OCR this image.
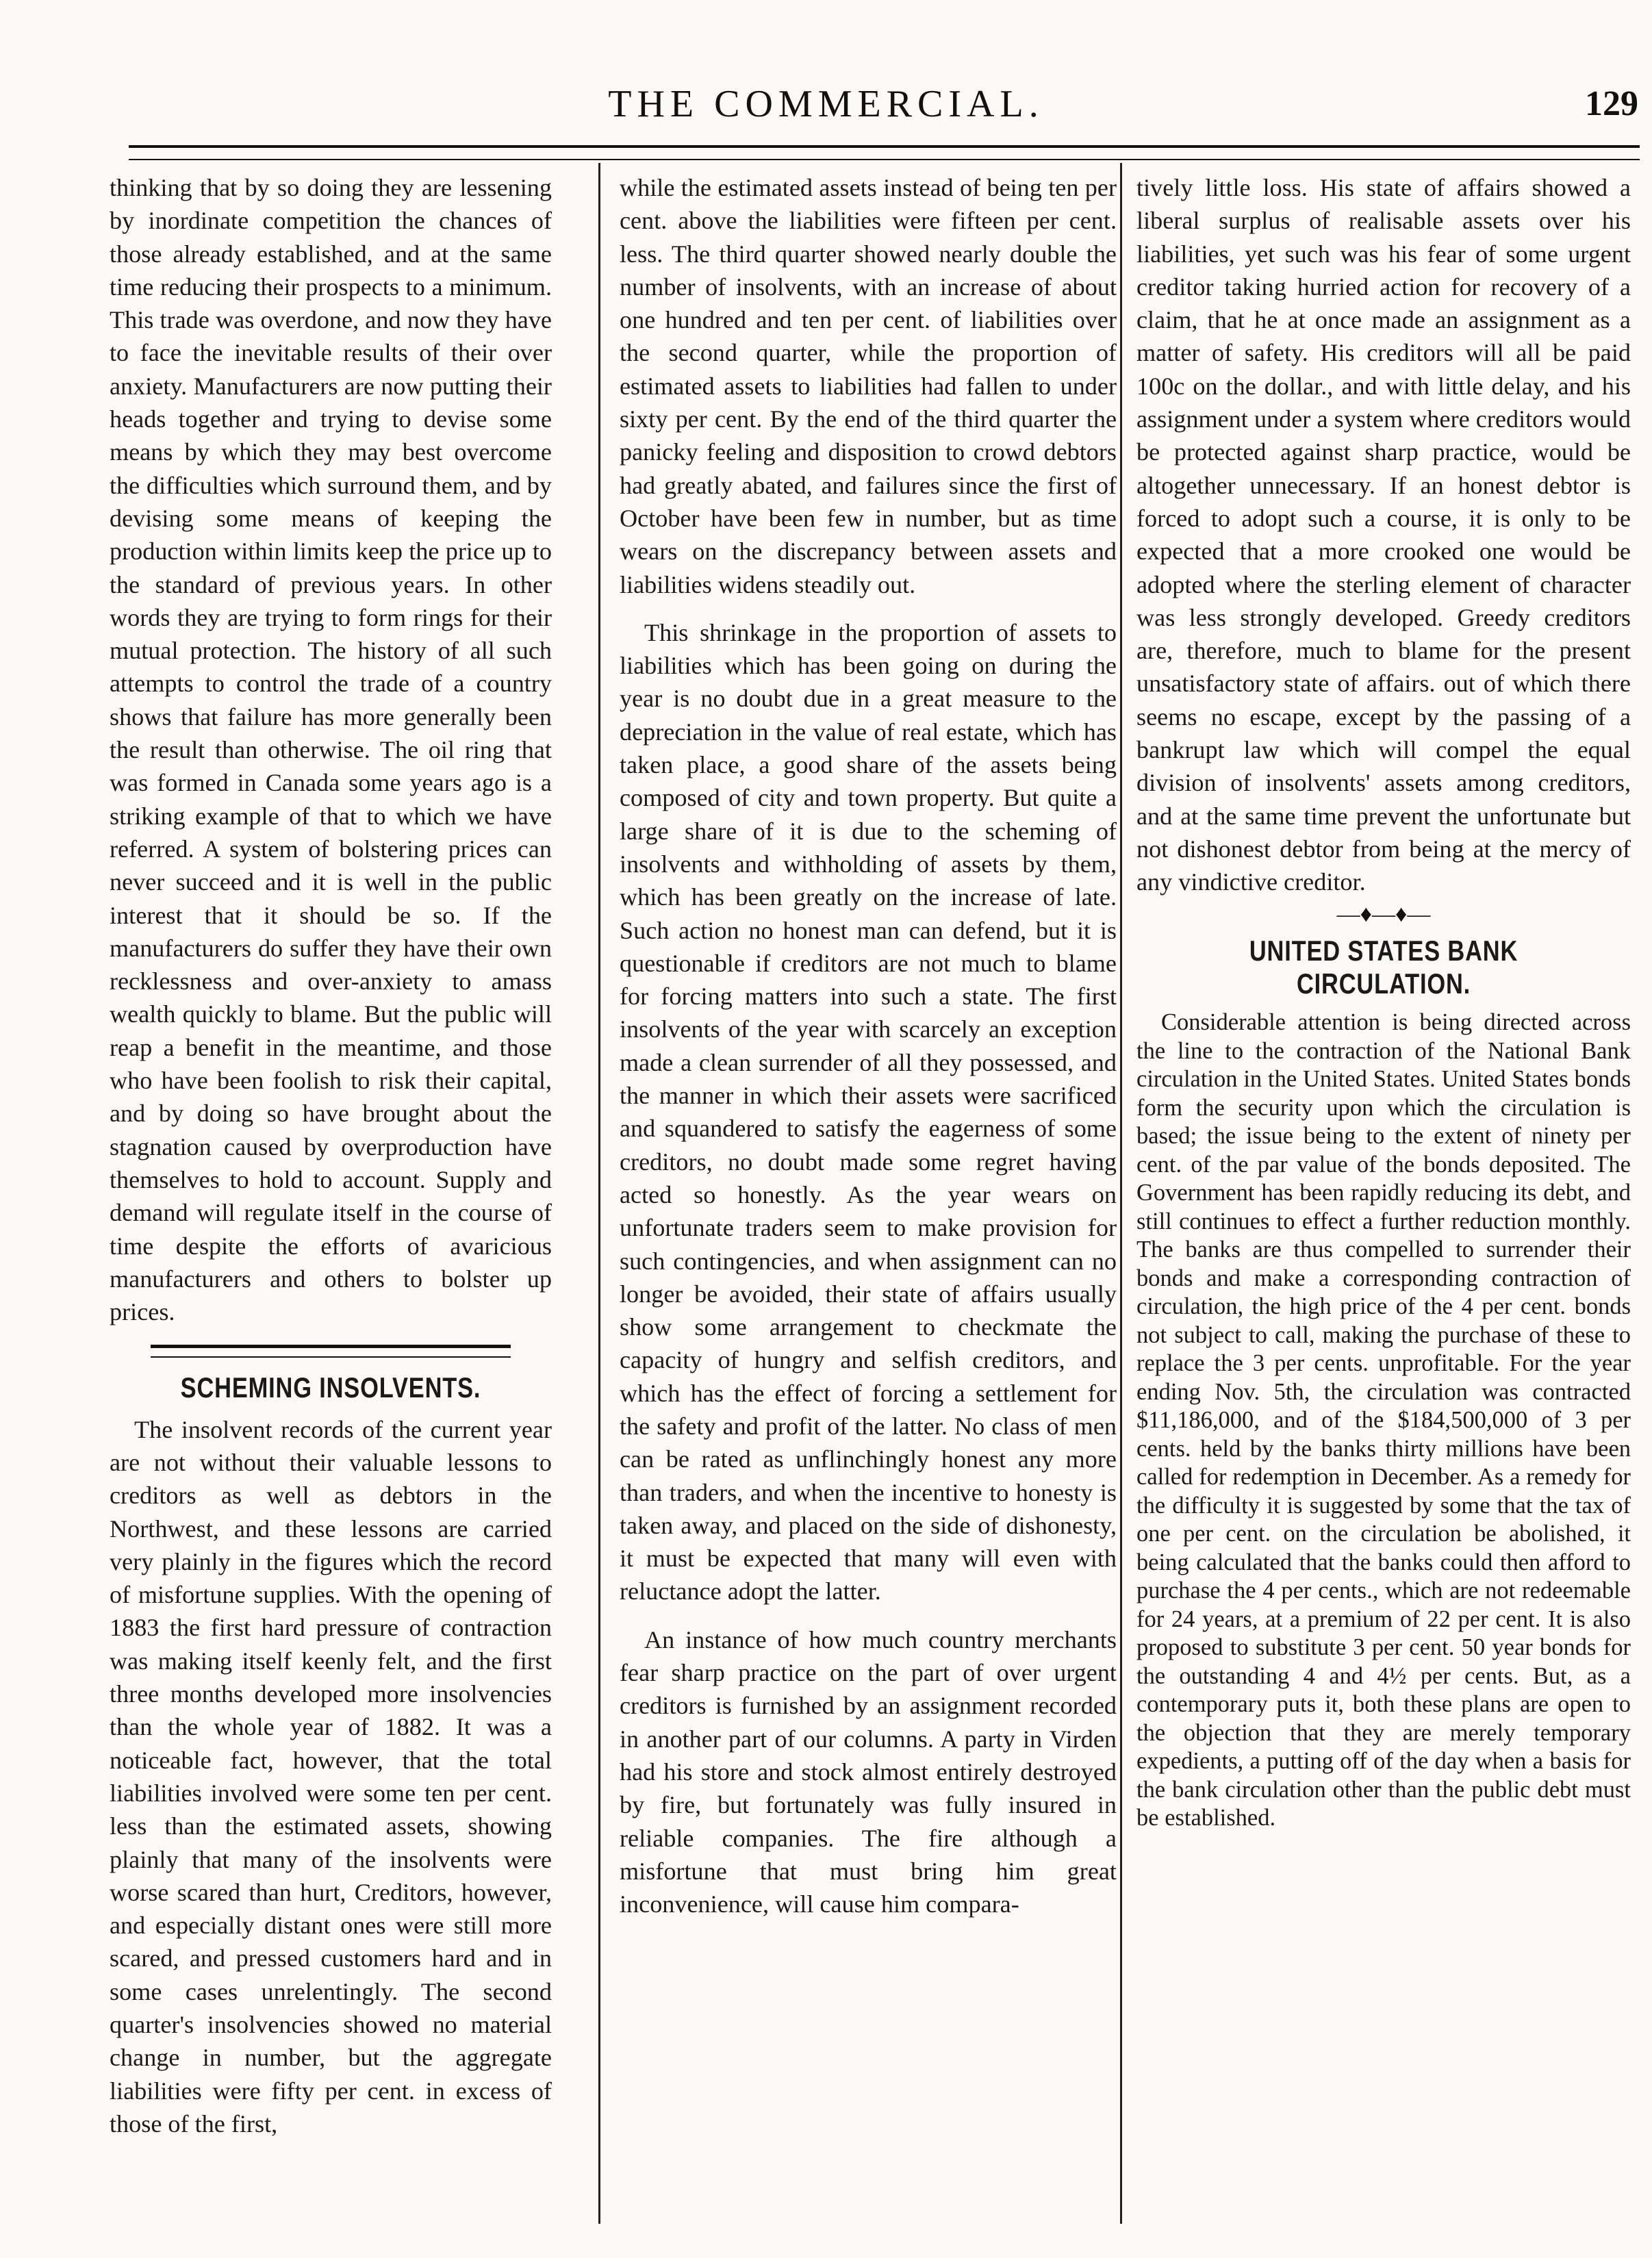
THE COMMERCIAL.	129

thinking that by so doing they are lessening by inordinate competition the chances of those already established, and at the same time reducing their prospects to a minimum. This trade was overdone, and now they have to face the inevitable results of their over anxiety. Manufacturers are now putting their heads together and trying to devise some means by which they may best overcome the difficulties which surround them, and by devising some means of keeping the production within limits keep the price up to the standard of previous years. In other words they are trying to form rings for their mutual protection. The history of all such attempts to control the trade of a country shows that failure has more generally been the result than otherwise. The oil ring that was formed in Canada some years ago is a striking example of that to which we have referred. A system of bolstering prices can never succeed and it is well in the public interest that it should be so. If the manufacturers do suffer they have their own recklessness and over-anxiety to amass wealth quickly to blame. But the public will reap a benefit in the meantime, and those who have been foolish to risk their capital, and by doing so have brought about the stagnation caused by overproduction have themselves to hold to account. Supply and demand will regulate itself in the course of time despite the efforts of avaricious manufacturers and others to bolster up prices.

SCHEMING INSOLVENTS.

The insolvent records of the current year are not without their valuable lessons to creditors as well as debtors in the Northwest, and these lessons are carried very plainly in the figures which the record of misfortune supplies. With the opening of 1883 the first hard pressure of contraction was making itself keenly felt, and the first three months developed more insolvencies than the whole year of 1882. It was a noticeable fact, however, that the total liabilities involved were some ten per cent. less than the estimated assets, showing plainly that many of the insolvents were worse scared than hurt, Creditors, however, and especially distant ones were still more scared, and pressed customers hard and in some cases unrelentingly. The second quarter's insolvencies showed no material change in number, but the aggregate liabilities were fifty per cent. in excess of those of the first,

while the estimated assets instead of being ten per cent. above the liabilities were fifteen per cent. less. The third quarter showed nearly double the number of insolvents, with an increase of about one hundred and ten per cent. of liabilities over the second quarter, while the proportion of estimated assets to liabilities had fallen to under sixty per cent. By the end of the third quarter the panicky feeling and disposition to crowd debtors had greatly abated, and failures since the first of October have been few in number, but as time wears on the discrepancy between assets and liabilities widens steadily out.

This shrinkage in the proportion of assets to liabilities which has been going on during the year is no doubt due in a great measure to the depreciation in the value of real estate, which has taken place, a good share of the assets being composed of city and town property. But quite a large share of it is due to the scheming of insolvents and withholding of assets by them, which has been greatly on the increase of late. Such action no honest man can defend, but it is questionable if creditors are not much to blame for forcing matters into such a state. The first insolvents of the year with scarcely an exception made a clean surrender of all they possessed, and the manner in which their assets were sacrificed and squandered to satisfy the eagerness of some creditors, no doubt made some regret having acted so honestly. As the year wears on unfortunate traders seem to make provision for such contingencies, and when assignment can no longer be avoided, their state of affairs usually show some arrangement to checkmate the capacity of hungry and selfish creditors, and which has the effect of forcing a settlement for the safety and profit of the latter. No class of men can be rated as unflinchingly honest any more than traders, and when the incentive to honesty is taken away, and placed on the side of dishonesty, it must be expected that many will even with reluctance adopt the latter.

An instance of how much country merchants fear sharp practice on the part of over urgent creditors is furnished by an assignment recorded in another part of our columns. A party in Virden had his store and stock almost entirely destroyed by fire, but fortunately was fully insured in reliable companies. The fire although a misfortune that must bring him great inconvenience, will cause him compara-

tively little loss. His state of affairs showed a liberal surplus of realisable assets over his liabilities, yet such was his fear of some urgent creditor taking hurried action for recovery of a claim, that he at once made an assignment as a matter of safety. His creditors will all be paid 100c on the dollar., and with little delay, and his assignment under a system where creditors would be protected against sharp practice, would be altogether unnecessary. If an honest debtor is forced to adopt such a course, it is only to be expected that a more crooked one would be adopted where the sterling element of character was less strongly developed. Greedy creditors are, therefore, much to blame for the present unsatisfactory state of affairs. out of which there seems no escape, except by the passing of a bankrupt law which will compel the equal division of insolvents' assets among creditors, and at the same time prevent the unfortunate but not dishonest debtor from being at the mercy of any vindictive creditor.

—♦—♦—
UNITED STATES BANK CIRCULATION.

Considerable attention is being directed across the line to the contraction of the National Bank circulation in the United States. United States bonds form the security upon which the circulation is based; the issue being to the extent of ninety per cent. of the par value of the bonds deposited. The Government has been rapidly reducing its debt, and still continues to effect a further reduction monthly. The banks are thus compelled to surrender their bonds and make a corresponding contraction of circulation, the high price of the 4 per cent. bonds not subject to call, making the purchase of these to replace the 3 per cents. unprofitable. For the year ending Nov. 5th, the circulation was contracted $11,186,000, and of the $184,500,000 of 3 per cents. held by the banks thirty millions have been called for redemption in December. As a remedy for the difficulty it is suggested by some that the tax of one per cent. on the circulation be abolished, it being calculated that the banks could then afford to purchase the 4 per cents., which are not redeemable for 24 years, at a premium of 22 per cent. It is also proposed to substitute 3 per cent. 50 year bonds for the outstanding 4 and 4½ per cents. But, as a contemporary puts it, both these plans are open to the objection that they are merely temporary expedients, a putting off of the day when a basis for the bank circulation other than the public debt must be established.
